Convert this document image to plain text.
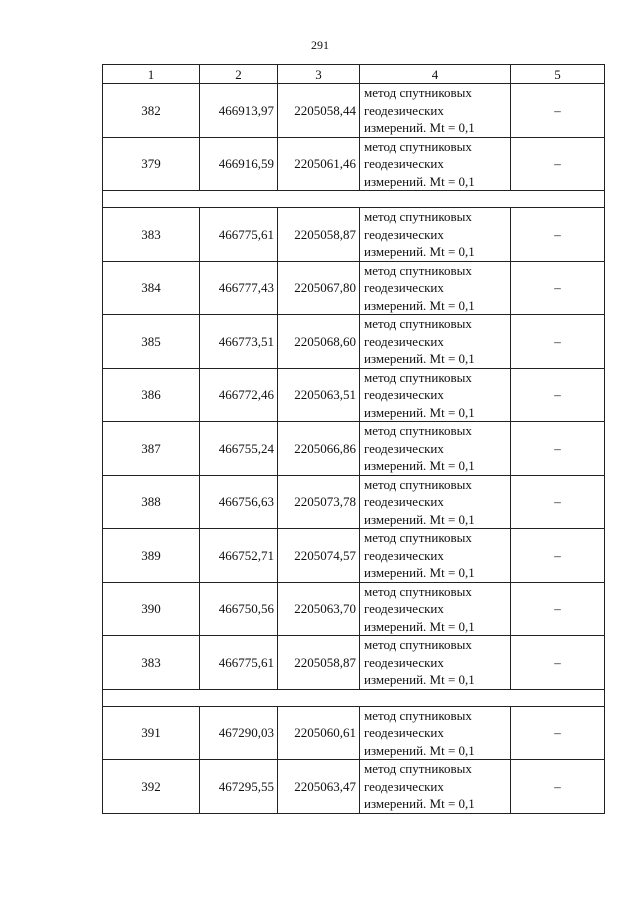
291
1	2	3	4	5
382	466913,97	2205058,44	метод спутниковых
геодезических
измерений. Mt = 0,1	–
379	466916,59	2205061,46	метод спутниковых
геодезических
измерений. Mt = 0,1	–

383	466775,61	2205058,87	метод спутниковых
геодезических
измерений. Mt = 0,1	–
384	466777,43	2205067,80	метод спутниковых
геодезических
измерений. Mt = 0,1	–
385	466773,51	2205068,60	метод спутниковых
геодезических
измерений. Mt = 0,1	–
386	466772,46	2205063,51	метод спутниковых
геодезических
измерений. Mt = 0,1	–
387	466755,24	2205066,86	метод спутниковых
геодезических
измерений. Mt = 0,1	–
388	466756,63	2205073,78	метод спутниковых
геодезических
измерений. Mt = 0,1	–
389	466752,71	2205074,57	метод спутниковых
геодезических
измерений. Mt = 0,1	–
390	466750,56	2205063,70	метод спутниковых
геодезических
измерений. Mt = 0,1	–
383	466775,61	2205058,87	метод спутниковых
геодезических
измерений. Mt = 0,1	–

391	467290,03	2205060,61	метод спутниковых
геодезических
измерений. Mt = 0,1	–
392	467295,55	2205063,47	метод спутниковых
геодезических
измерений. Mt = 0,1	–
